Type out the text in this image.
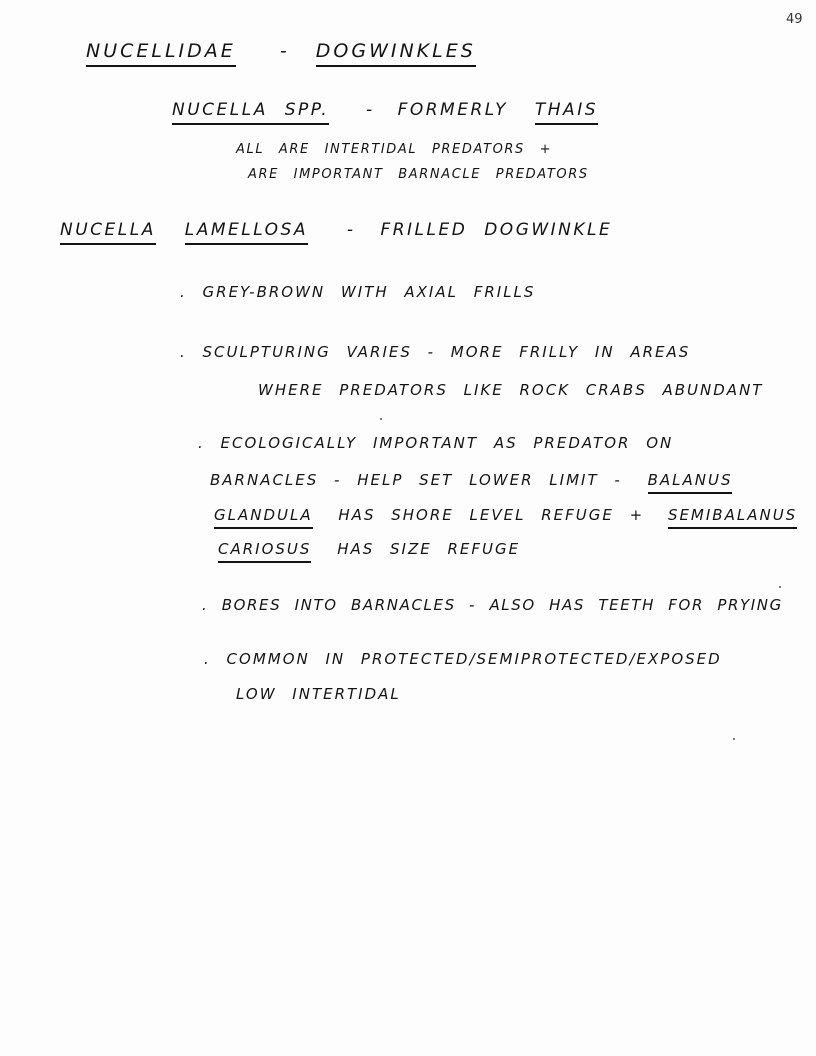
49
NUCELLIDAE - DOGWINKLES
NUCELLA SPP. - FORMERLY THAIS
ALL ARE INTERTIDAL PREDATORS +
ARE IMPORTANT BARNACLE PREDATORS
NUCELLA LAMELLOSA - FRILLED DOGWINKLE
. GREY-BROWN WITH AXIAL FRILLS
. SCULPTURING VARIES - MORE FRILLY IN AREAS
WHERE PREDATORS LIKE ROCK CRABS ABUNDANT
. ECOLOGICALLY IMPORTANT AS PREDATOR ON
BARNACLES - HELP SET LOWER LIMIT - BALANUS
GLANDULA HAS SHORE LEVEL REFUGE + SEMIBALANUS
CARIOSUS HAS SIZE REFUGE
. BORES INTO BARNACLES - ALSO HAS TEETH FOR PRYING
. COMMON IN PROTECTED/SEMIPROTECTED/EXPOSED
LOW INTERTIDAL
